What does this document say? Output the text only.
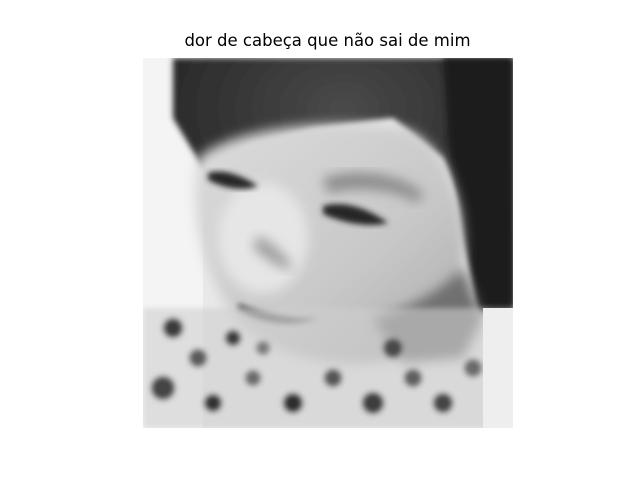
dor de cabeça que não sai de mim
